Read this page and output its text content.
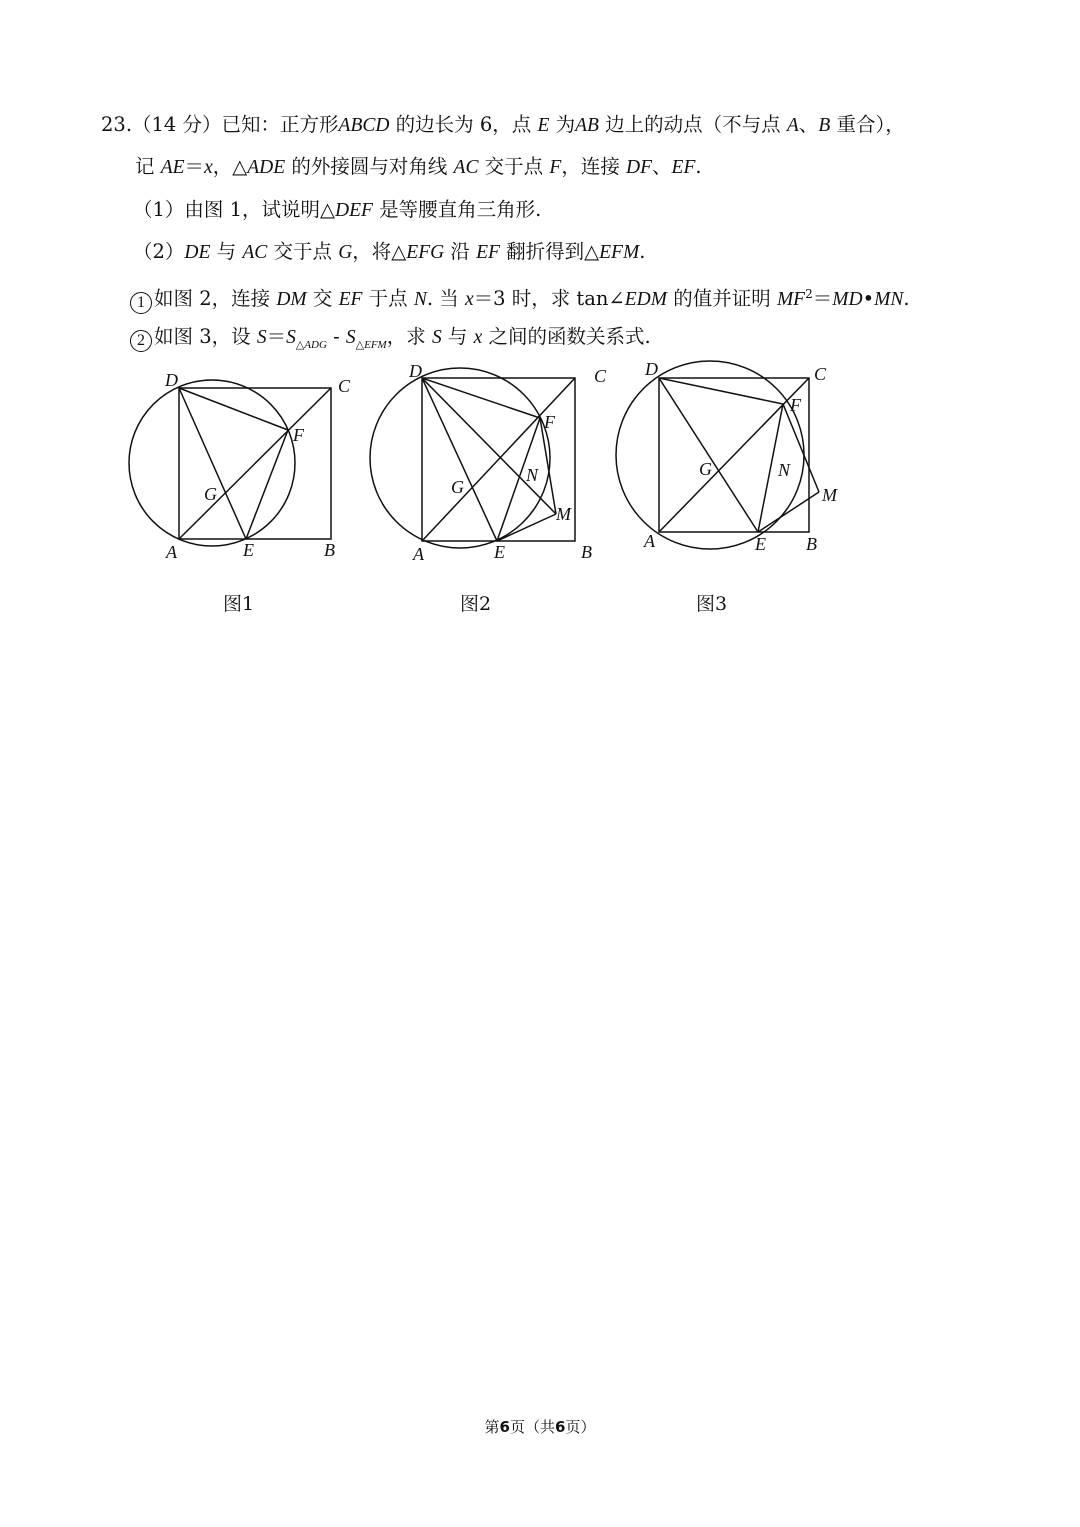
23.（14 分）已知：正方形ABCD 的边长为 6，点 E 为AB 边上的动点（不与点 A、B 重合），
记 AE＝x，△ADE 的外接圆与对角线 AC 交于点 F，连接 DF、EF.
（1）由图 1，试说明△DEF 是等腰直角三角形.
（2）DE 与 AC 交于点 G，将△EFG 沿 EF 翻折得到△EFM.
1 如图 2，连接 DM 交 EF 于点 N. 当 x＝3 时，求 tan∠EDM 的值并证明 $MF^2=MD•MN$.
2 如图 3，设 $S=S_{\triangle ADG} - S_{\triangle EFM}$，求 S 与 x 之间的函数关系式.
D	C
F
G
A	E	B
D	C
F
G
N
M
A	E	B
D	C
F
G	N
M
A	E B
图1	图2	图3
第6页（共6页）
